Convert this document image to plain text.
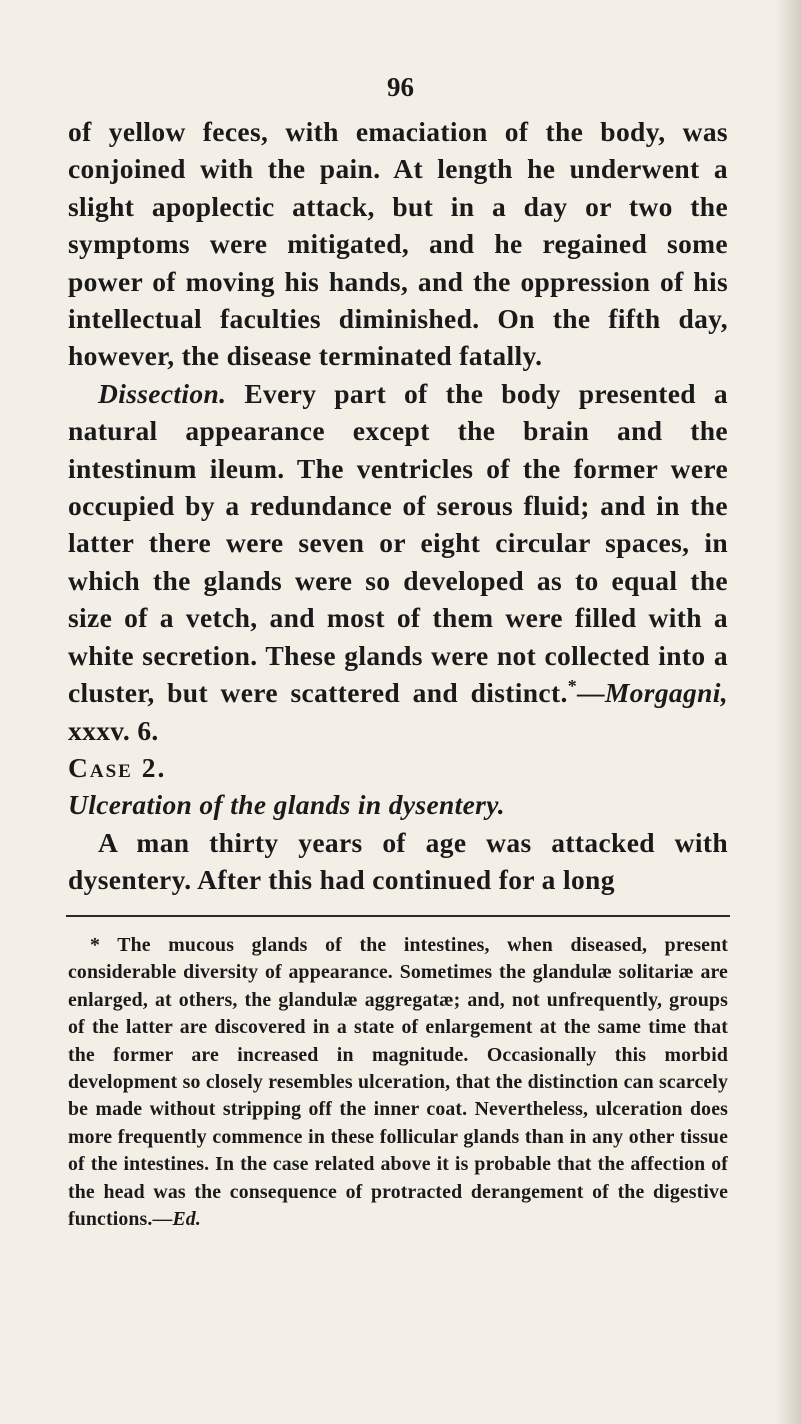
96

of yellow feces, with emaciation of the body, was conjoined with the pain. At length he underwent a slight apoplectic attack, but in a day or two the symptoms were mitigated, and he regained some power of moving his hands, and the oppression of his intellectual faculties diminished. On the fifth day, however, the disease terminated fatally.

Dissection. Every part of the body presented a natural appearance except the brain and the intestinum ileum. The ventricles of the former were occupied by a redundance of serous fluid; and in the latter there were seven or eight circular spaces, in which the glands were so developed as to equal the size of a vetch, and most of them were filled with a white secretion. These glands were not collected into a cluster, but were scattered and distinct.*—Morgagni, xxxv. 6.

Case 2.

Ulceration of the glands in dysentery.

A man thirty years of age was attacked with dysentery. After this had continued for a long

* The mucous glands of the intestines, when diseased, present considerable diversity of appearance. Sometimes the glandulæ solitariæ are enlarged, at others, the glandulæ aggregatæ; and, not unfrequently, groups of the latter are discovered in a state of enlargement at the same time that the former are increased in magnitude. Occasionally this morbid development so closely resembles ulceration, that the distinction can scarcely be made without stripping off the inner coat. Nevertheless, ulceration does more frequently commence in these follicular glands than in any other tissue of the intestines. In the case related above it is probable that the affection of the head was the consequence of protracted derangement of the digestive functions.—Ed.
